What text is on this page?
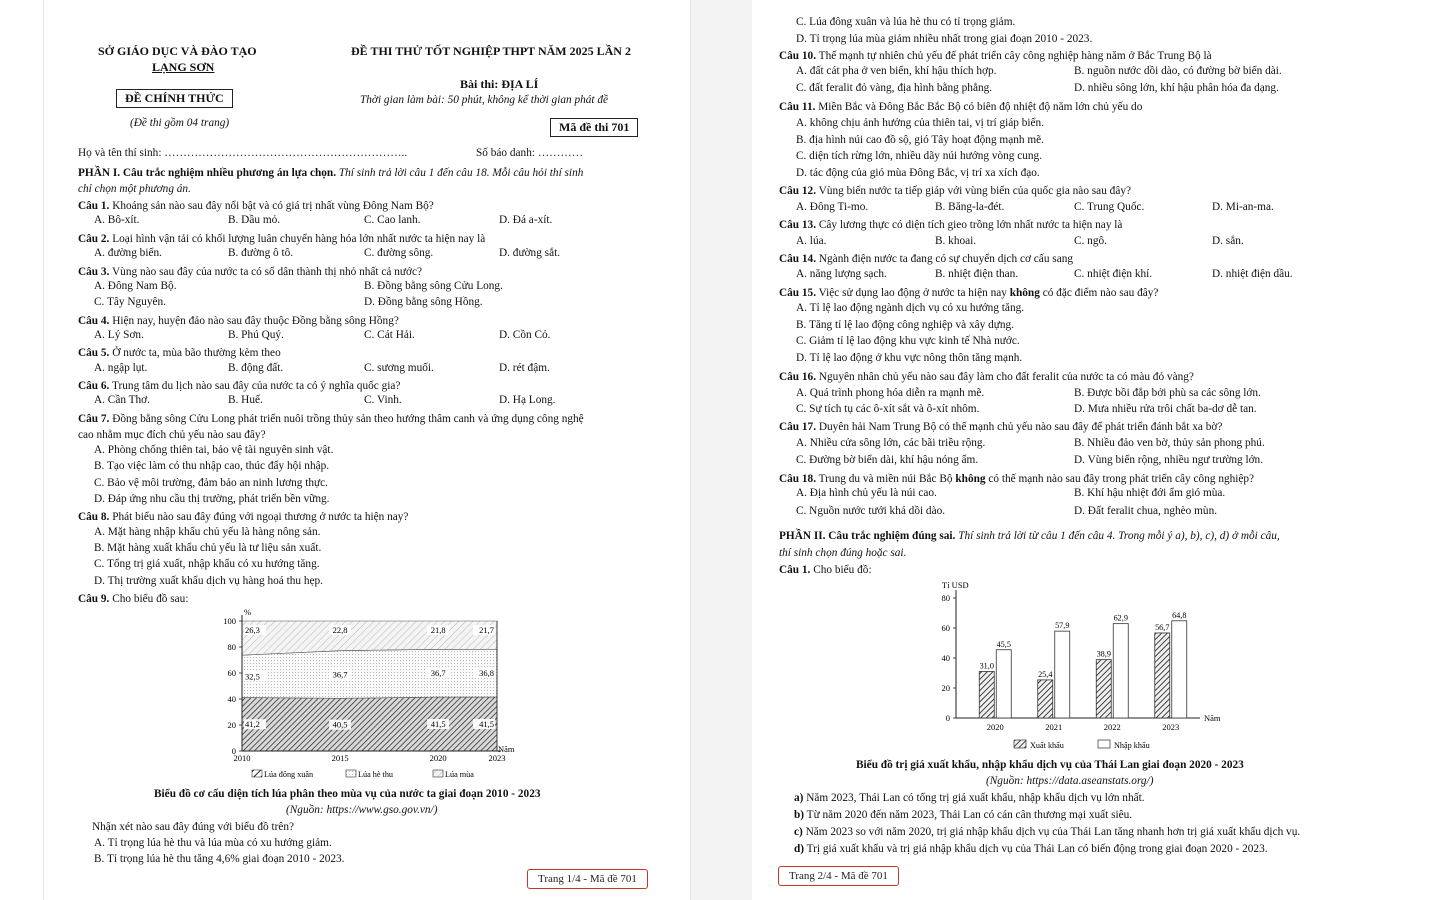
SỞ GIÁO DỤC VÀ ĐÀO TẠO
LẠNG SƠN
ĐỀ THI THỬ TỐT NGHIỆP THPT NĂM 2025 LẦN 2
Bài thi: ĐỊA LÍ
Thời gian làm bài: 50 phút, không kể thời gian phát đề
ĐỀ CHÍNH THỨC
(Đề thi gồm 04 trang)	Mã đề thi 701
Họ và tên thí sinh: ………………………………………………………..	Số báo danh: …………
PHẦN I. Câu trắc nghiệm nhiều phương án lựa chọn. Thí sinh trả lời câu 1 đến câu 18. Mỗi câu hỏi thí sinh
chỉ chọn một phương án.
Câu 1. Khoáng sản nào sau đây nổi bật và có giá trị nhất vùng Đông Nam Bộ?
A. Bô-xít.	B. Dầu mỏ.	C. Cao lanh.	D. Đá a-xít.
Câu 2. Loại hình vận tải có khối lượng luân chuyển hàng hóa lớn nhất nước ta hiện nay là
A. đường biển.	B. đường ô tô.	C. đường sông.	D. đường sắt.
Câu 3. Vùng nào sau đây của nước ta có số dân thành thị nhỏ nhất cả nước?
A. Đông Nam Bộ.	B. Đồng bằng sông Cửu Long.
C. Tây Nguyên.	D. Đồng bằng sông Hồng.
Câu 4. Hiện nay, huyện đảo nào sau đây thuộc Đồng bằng sông Hồng?
A. Lý Sơn.	B. Phú Quý.	C. Cát Hải.	D. Cồn Cỏ.
Câu 5. Ở nước ta, mùa bão thường kèm theo
A. ngập lụt.	B. động đất.	C. sương muối.	D. rét đậm.
Câu 6. Trung tâm du lịch nào sau đây của nước ta có ý nghĩa quốc gia?
A. Cần Thơ.	B. Huế.	C. Vinh.	D. Hạ Long.
Câu 7. Đồng bằng sông Cửu Long phát triển nuôi trồng thủy sản theo hướng thâm canh và ứng dụng công nghệ
cao nhằm mục đích chủ yếu nào sau đây?
A. Phòng chống thiên tai, bảo vệ tài nguyên sinh vật.
B. Tạo việc làm có thu nhập cao, thúc đẩy hội nhập.
C. Bảo vệ môi trường, đảm bảo an ninh lương thực.
D. Đáp ứng nhu cầu thị trường, phát triển bền vững.
Câu 8. Phát biểu nào sau đây đúng với ngoại thương ở nước ta hiện nay?
A. Mặt hàng nhập khẩu chủ yếu là hàng nông sản.
B. Mặt hàng xuất khẩu chủ yếu là tư liệu sản xuất.
C. Tổng trị giá xuất, nhập khẩu có xu hướng tăng.
D. Thị trường xuất khẩu dịch vụ hàng hoá thu hẹp.
Câu 9. Cho biểu đồ sau:
0
20
40
60
80
100
%
2010	2015	2020	2023
Năm
41,2	40,5	41,5	41,5
32,5	36,7	36,7	36,8
26,3	22,8	21,8	21,7
Lúa đông xuân	Lúa hè thu	Lúa mùa
Biểu đồ cơ cấu diện tích lúa phân theo mùa vụ của nước ta giai đoạn 2010 - 2023
(Nguồn: https://www.gso.gov.vn/)
Nhận xét nào sau đây đúng với biểu đồ trên?
A. Tỉ trọng lúa hè thu và lúa mùa có xu hướng giảm.
B. Tỉ trọng lúa hè thu tăng 4,6% giai đoạn 2010 - 2023.
Trang 1/4 - Mã đề 701
C. Lúa đông xuân và lúa hè thu có tỉ trọng giảm.
D. Tỉ trọng lúa mùa giảm nhiều nhất trong giai đoạn 2010 - 2023.
Câu 10. Thế mạnh tự nhiên chủ yếu để phát triển cây công nghiệp hàng năm ở Bắc Trung Bộ là
A. đất cát pha ở ven biển, khí hậu thích hợp.	B. nguồn nước dồi dào, có đường bờ biển dài.
C. đất feralit đỏ vàng, địa hình bằng phẳng.	D. nhiều sông lớn, khí hậu phân hóa đa dạng.
Câu 11. Miền Bắc và Đông Bắc Bắc Bộ có biên độ nhiệt độ năm lớn chủ yếu do
A. không chịu ảnh hưởng của thiên tai, vị trí giáp biển.
B. địa hình núi cao đồ sộ, gió Tây hoạt động mạnh mẽ.
C. diện tích rừng lớn, nhiều dãy núi hướng vòng cung.
D. tác động của gió mùa Đông Bắc, vị trí xa xích đạo.
Câu 12. Vùng biển nước ta tiếp giáp với vùng biển của quốc gia nào sau đây?
A. Đông Ti-mo.	B. Băng-la-đét.	C. Trung Quốc.	D. Mi-an-ma.
Câu 13. Cây lương thực có diện tích gieo trồng lớn nhất nước ta hiện nay là
A. lúa.	B. khoai.	C. ngô.	D. sắn.
Câu 14. Ngành điện nước ta đang có sự chuyển dịch cơ cấu sang
A. năng lượng sạch.	B. nhiệt điện than.	C. nhiệt điện khí.	D. nhiệt điện dầu.
Câu 15. Việc sử dụng lao động ở nước ta hiện nay không có đặc điểm nào sau đây?
A. Tỉ lệ lao động ngành dịch vụ có xu hướng tăng.
B. Tăng tỉ lệ lao động công nghiệp và xây dựng.
C. Giảm tỉ lệ lao động khu vực kinh tế Nhà nước.
D. Tỉ lệ lao động ở khu vực nông thôn tăng mạnh.
Câu 16. Nguyên nhân chủ yếu nào sau đây làm cho đất feralit của nước ta có màu đỏ vàng?
A. Quá trình phong hóa diễn ra mạnh mẽ.	B. Được bồi đắp bởi phù sa các sông lớn.
C. Sự tích tụ các ô-xít sắt và ô-xít nhôm.	D. Mưa nhiều rửa trôi chất ba-dơ dễ tan.
Câu 17. Duyên hải Nam Trung Bộ có thế mạnh chủ yếu nào sau đây để phát triển đánh bắt xa bờ?
A. Nhiều cửa sông lớn, các bãi triều rộng.	B. Nhiều đảo ven bờ, thủy sản phong phú.
C. Đường bờ biển dài, khí hậu nóng ẩm.	D. Vùng biển rộng, nhiều ngư trường lớn.
Câu 18. Trung du và miền núi Bắc Bộ không có thế mạnh nào sau đây trong phát triển cây công nghiệp?
A. Địa hình chủ yếu là núi cao.	B. Khí hậu nhiệt đới ẩm gió mùa.
C. Nguồn nước tưới khá dồi dào.	D. Đất feralit chua, nghèo mùn.
PHẦN II. Câu trắc nghiệm đúng sai. Thí sinh trả lời từ câu 1 đến câu 4. Trong mỗi ý a), b), c), d) ở mỗi câu,
thí sinh chọn đúng hoặc sai.
Câu 1. Cho biểu đồ:
0
20
40
60
80
Tỉ USD
31,0
45,5
2020
25,4
57,9
2021
38,9
62,9
2022
56,7
64,8
2023
Năm
Xuất khẩu	Nhập khẩu
Biểu đồ trị giá xuất khẩu, nhập khẩu dịch vụ của Thái Lan giai đoạn 2020 - 2023
(Nguồn: https://data.aseanstats.org/)
a) Năm 2023, Thái Lan có tổng trị giá xuất khẩu, nhập khẩu dịch vụ lớn nhất.
b) Từ năm 2020 đến năm 2023, Thái Lan có cán cân thương mại xuất siêu.
c) Năm 2023 so với năm 2020, trị giá nhập khẩu dịch vụ của Thái Lan tăng nhanh hơn trị giá xuất khẩu dịch vụ.
d) Trị giá xuất khẩu và trị giá nhập khẩu dịch vụ của Thái Lan có biến động trong giai đoạn 2020 - 2023.
Trang 2/4 - Mã đề 701
